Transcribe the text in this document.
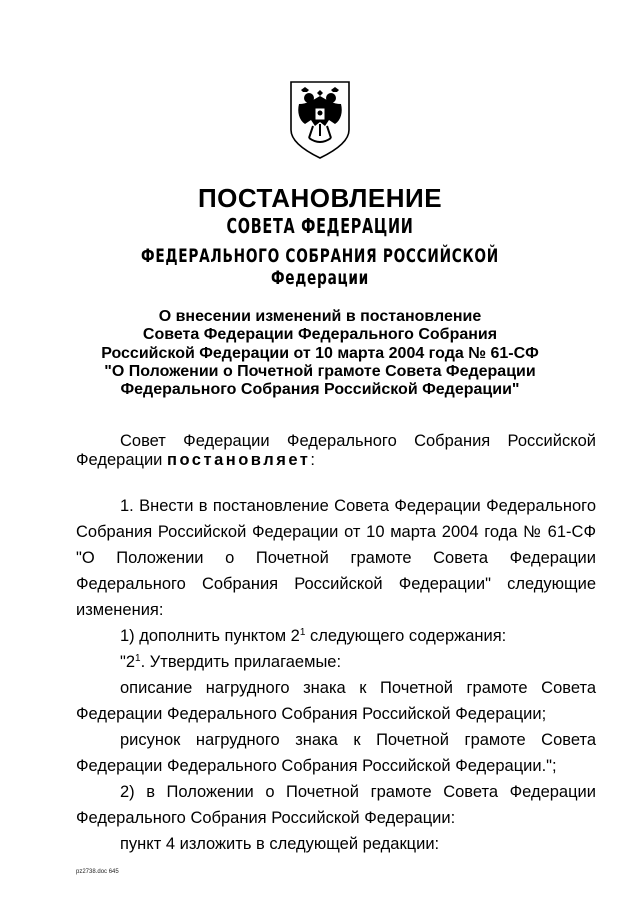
ПОСТАНОВЛЕНИЕ
СОВЕТА ФЕДЕРАЦИИ
ФЕДЕРАЛЬНОГО СОБРАНИЯ РОССИЙСКОЙ Федерации
О внесении изменений в постановление
Совета Федерации Федерального Собрания
Российской Федерации от 10 марта 2004 года № 61-СФ
"О Положении о Почетной грамоте Совета Федерации
Федерального Собрания Российской Федерации"
Совет Федерации Федерального Собрания Российской
Федерации постановляет:
1. Внести в постановление Совета Федерации Федерального
Собрания Российской Федерации от 10 марта 2004 года № 61-СФ
"О Положении о Почетной грамоте Совета Федерации
Федерального Собрания Российской Федерации" следующие
изменения:
1) дополнить пунктом $2^1$ следующего содержания:
"$2^1$. Утвердить прилагаемые:
описание нагрудного знака к Почетной грамоте Совета
Федерации Федерального Собрания Российской Федерации;
рисунок нагрудного знака к Почетной грамоте Совета
Федерации Федерального Собрания Российской Федерации.";
2) в Положении о Почетной грамоте Совета Федерации
Федерального Собрания Российской Федерации:
пункт 4 изложить в следующей редакции:
рz2738.doc 645
